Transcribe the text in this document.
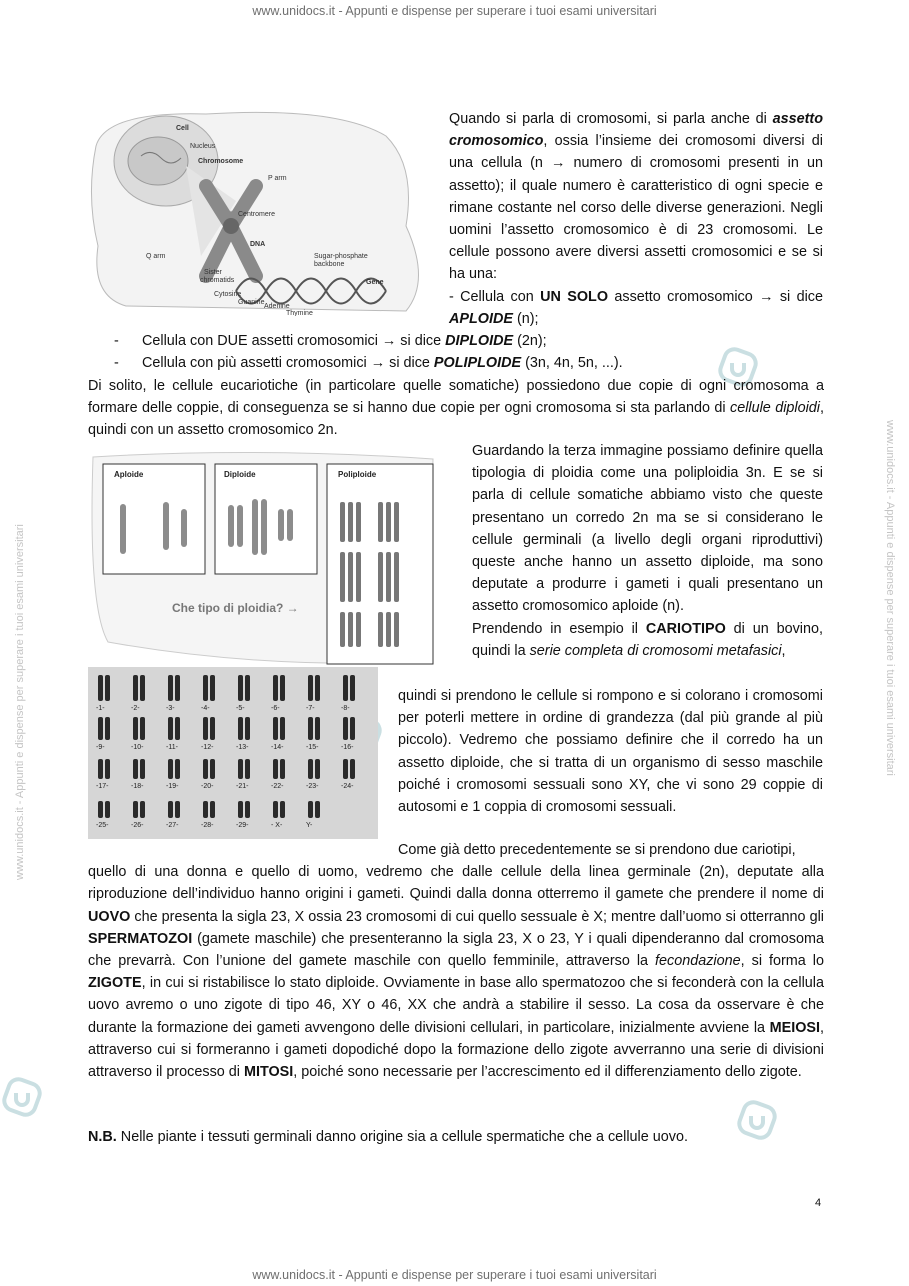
www.unidocs.it - Appunti e dispense per superare i tuoi esami universitari
www.unidocs.it - Appunti e dispense per superare i tuoi esami universitari
www.unidocs.it - Appunti e dispense per superare i tuoi esami universitari	www.unidocs.it - Appunti e dispense per superare i tuoi esami universitari
Cell
Nucleus
Chromosome
P arm
Centromere
Q arm
DNA
Sister
chromatids
Cytosine
Guanine
Adenine
Thymine
Sugar-phosphate
backbone
Gene
Aploide	Diploide	Poliploide
Che tipo di ploidia? →
-1-	-2-	-3-	-4-	-5-	-6-	-7-	-8-
-9-	-10-	-11-	-12-	-13-	-14-	-15-	-16-
-17-	-18-	-19-	-20-	-21-	-22-	-23-	-24-
-25-	-26-	-27-	-28-	-29-	- X-	Y-

Quando si parla di cromosomi, si parla anche di assetto cromosomico, ossia l’insieme dei cromosomi diversi di una cellula (n → numero di cromosomi presenti in un assetto); il quale numero è caratteristico di ogni specie e rimane costante nel corso delle diverse generazioni. Negli uomini l’assetto cromosomico è di 23 cromosomi. Le cellule possono avere diversi assetti cromosomici e se si ha una:
- Cellula con UN SOLO assetto cromosomico → si dice APLOIDE (n);

- Cellula con DUE assetti cromosomici → si dice DIPLOIDE (2n);

- Cellula con più assetti cromosomici → si dice POLIPLOIDE (3n, 4n, 5n, ...).

Di solito, le cellule eucariotiche (in particolare quelle somatiche) possiedono due copie di ogni cromosoma a formare delle coppie, di conseguenza se si hanno due copie per ogni cromosoma si sta parlando di cellule diploidi, quindi con un assetto cromosomico 2n.

Guardando la terza immagine possiamo definire quella tipologia di ploidia come una poliploidia 3n. E se si parla di cellule somatiche abbiamo visto che queste presentano un corredo 2n ma se si considerano le cellule germinali (a livello degli organi riproduttivi) queste anche hanno un assetto diploide, ma sono deputate a produrre i gameti i quali presentano un assetto cromosomico aploide (n).
Prendendo in esempio il CARIOTIPO di un bovino, quindi la serie completa di cromosomi metafasici,

quindi si prendono le cellule si rompono e si colorano i cromosomi per poterli mettere in ordine di grandezza (dal più grande al più piccolo). Vedremo che possiamo definire che il corredo ha un assetto diploide, che si tratta di un organismo di sesso maschile poiché i cromosomi sessuali sono XY, che vi sono 29 coppie di autosomi e 1 coppia di cromosomi sessuali.

Come già detto precedentemente se si prendono due cariotipi,
quello di una donna e quello di uomo, vedremo che dalle cellule della linea germinale (2n), deputate alla riproduzione dell’individuo hanno origini i gameti. Quindi dalla donna otterremo il gamete che prendere il nome di UOVO che presenta la sigla 23, X ossia 23 cromosomi di cui quello sessuale è X; mentre dall’uomo si otterranno gli SPERMATOZOI (gamete maschile) che presenteranno la sigla 23, X o 23, Y i quali dipenderanno dal cromosoma che prevarrà. Con l’unione del gamete maschile con quello femminile, attraverso la fecondazione, si forma lo ZIGOTE, in cui si ristabilisce lo stato diploide. Ovviamente in base allo spermatozoo che si feconderà con la cellula uovo avremo o uno zigote di tipo 46, XY o 46, XX che andrà a stabilire il sesso. La cosa da osservare è che durante la formazione dei gameti avvengono delle divisioni cellulari, in particolare, inizialmente avviene la MEIOSI, attraverso cui si formeranno i gameti dopodiché dopo la formazione dello zigote avverranno una serie di divisioni attraverso il processo di MITOSI, poiché sono necessarie per l’accrescimento ed il differenziamento dello zigote.

N.B. Nelle piante i tessuti germinali danno origine sia a cellule spermatiche che a cellule uovo.

4
